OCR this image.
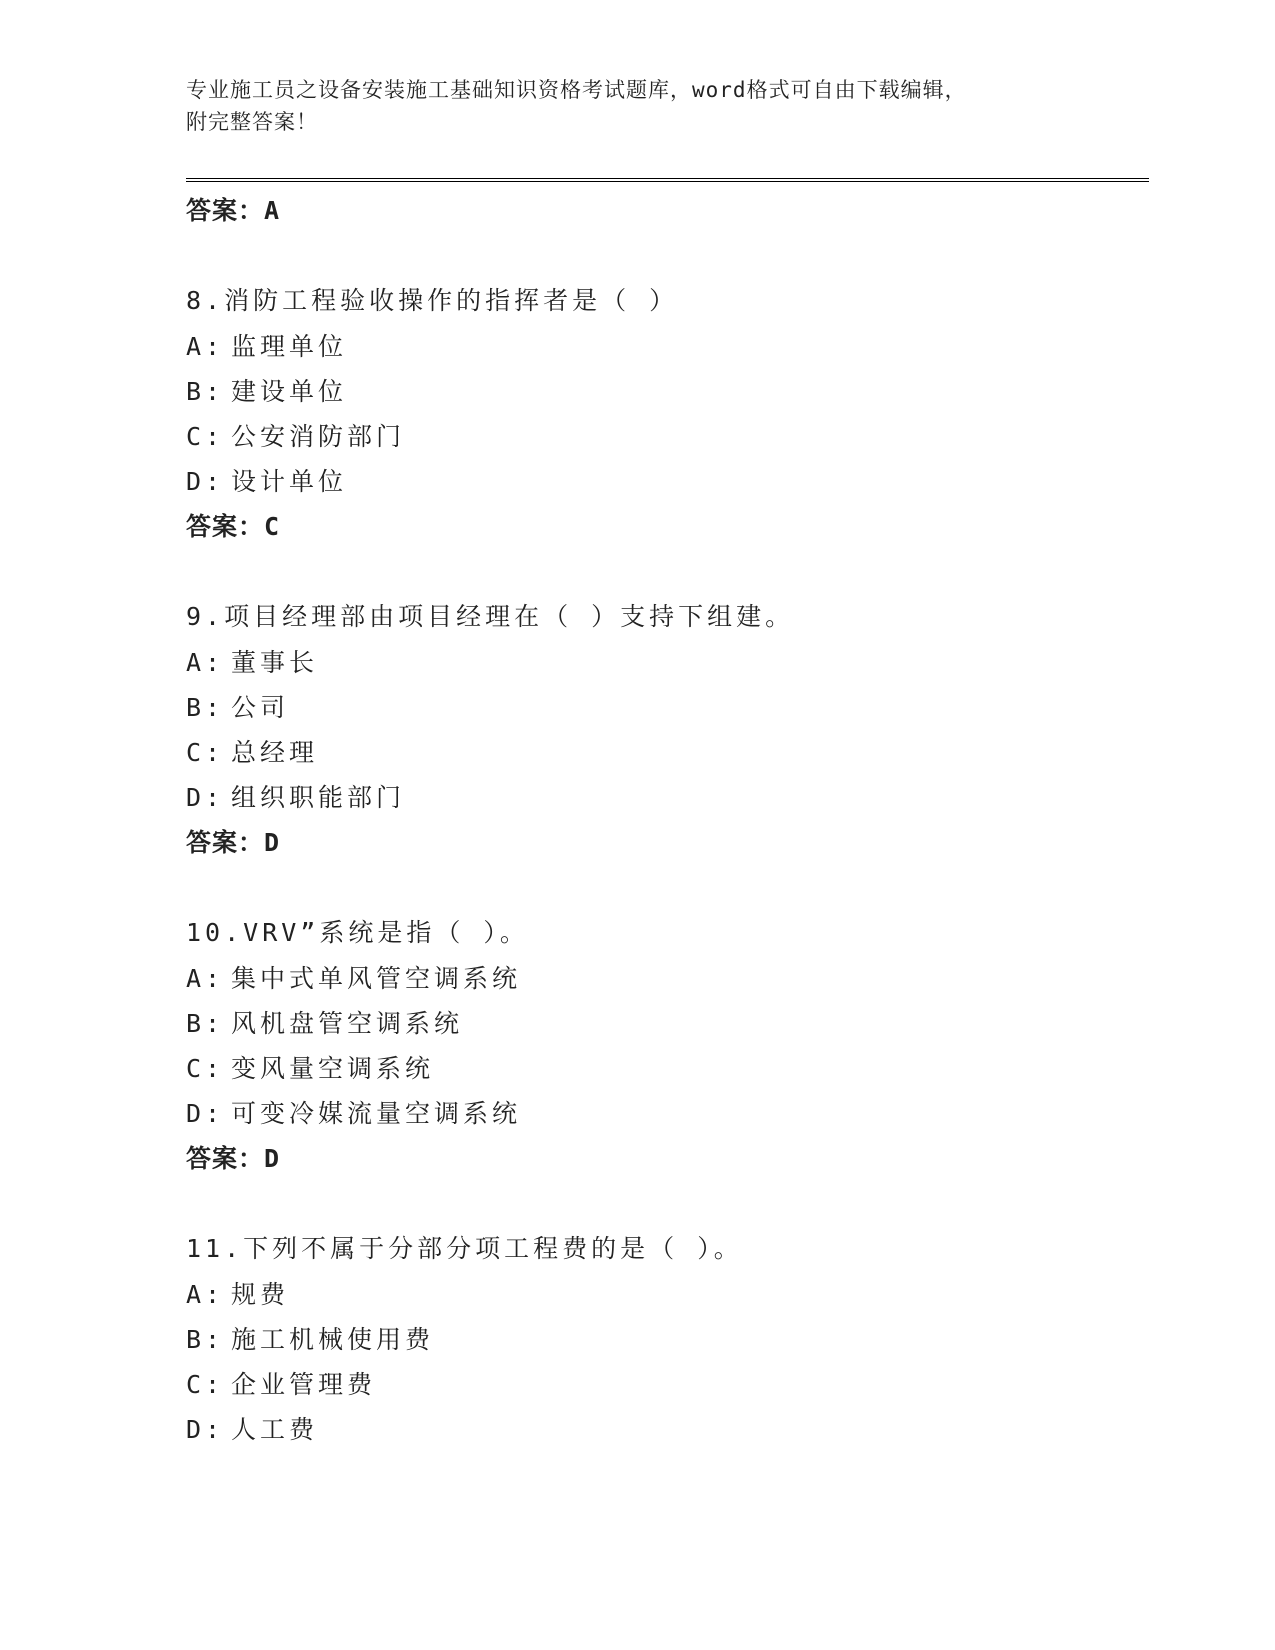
专业施工员之设备安装施工基础知识资格考试题库，word格式可自由下载编辑，
附完整答案！
答案：A
8.消防工程验收操作的指挥者是（ ）
A: 监理单位
B: 建设单位
C: 公安消防部门
D: 设计单位
答案：C
9.项目经理部由项目经理在（ ）支持下组建。
A: 董事长
B: 公司
C: 总经理
D: 组织职能部门
答案：D
10.VRV”系统是指（ ）。
A: 集中式单风管空调系统
B: 风机盘管空调系统
C: 变风量空调系统
D: 可变冷媒流量空调系统
答案：D
11.下列不属于分部分项工程费的是（ ）。
A: 规费
B: 施工机械使用费
C: 企业管理费
D: 人工费
